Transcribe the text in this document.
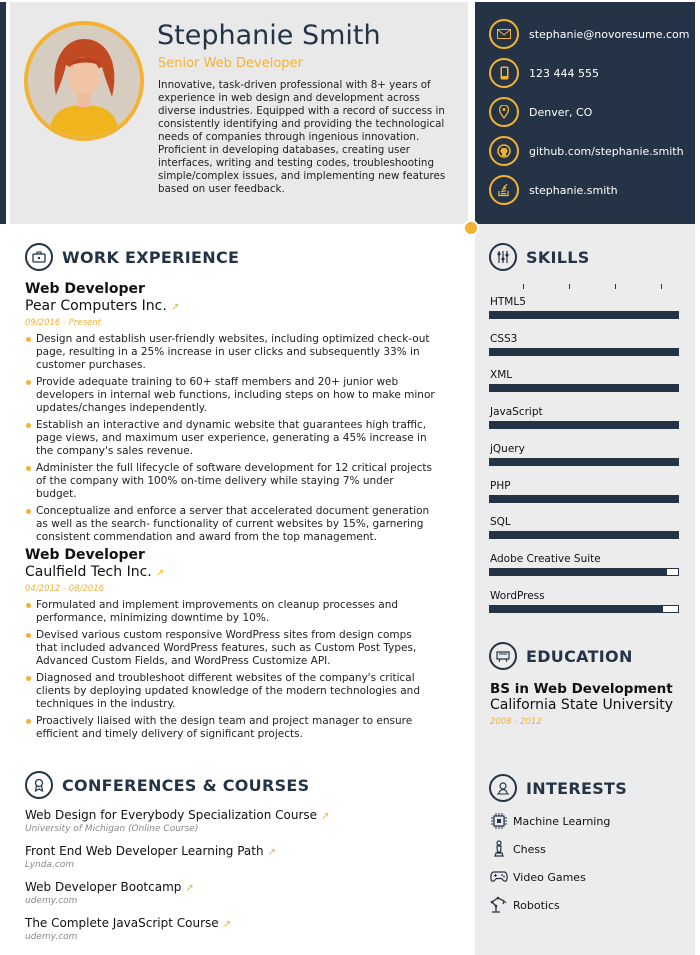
Stephanie Smith
Senior Web Developer
Innovative, task-driven professional with 8+ years of experience in web design and development across diverse industries. Equipped with a record of success in consistently identifying and providing the technological needs of companies through ingenious innovation. Proficient in developing databases, creating user interfaces, writing and testing codes, troubleshooting simple/complex issues, and implementing new features based on user feedback.
stephanie@novoresume.com
123 444 555
Denver, CO
github.com/stephanie.smith
stephanie.smith
WORK EXPERIENCE
Web Developer
Pear Computers Inc. ↗
09/2016 - Present
Design and establish user-friendly websites, including optimized check-out page, resulting in a 25% increase in user clicks and subsequently 33% in customer purchases.
Provide adequate training to 60+ staff members and 20+ junior web developers in internal web functions, including steps on how to make minor updates/changes independently.
Establish an interactive and dynamic website that guarantees high traffic, page views, and maximum user experience, generating a 45% increase in the company's sales revenue.
Administer the full lifecycle of software development for 12 critical projects of the company with 100% on-time delivery while staying 7% under budget.
Conceptualize and enforce a server that accelerated document generation as well as the search- functionality of current websites by 15%, garnering consistent commendation and award from the top management.
Web Developer
Caulfield Tech Inc. ↗
04/2012 - 08/2016
Formulated and implement improvements on cleanup processes and performance, minimizing downtime by 10%.
Devised various custom responsive WordPress sites from design comps that included advanced WordPress features, such as Custom Post Types, Advanced Custom Fields, and WordPress Customize API.
Diagnosed and troubleshoot different websites of the company's critical clients by deploying updated knowledge of the modern technologies and techniques in the industry.
Proactively liaised with the design team and project manager to ensure efficient and timely delivery of significant projects.
CONFERENCES & COURSES
Web Design for Everybody Specialization Course ↗
University of Michigan (Online Course)
Front End Web Developer Learning Path ↗
Lynda.com
Web Developer Bootcamp ↗
udemy.com
The Complete JavaScript Course ↗
udemy.com
SKILLS
HTML5
CSS3
XML
JavaScript
jQuery
PHP
SQL
Adobe Creative Suite
WordPress
EDUCATION
BS in Web Development
California State University
2008 - 2012
INTERESTS
Machine Learning
Chess
Video Games
Robotics
